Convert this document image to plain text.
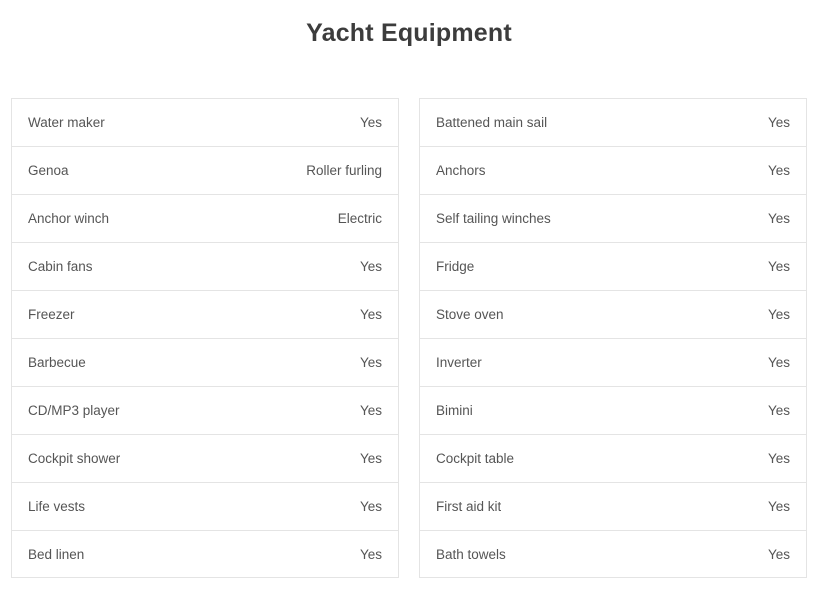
Yacht Equipment
Water maker	Yes
Genoa	Roller furling
Anchor winch	Electric
Cabin fans	Yes
Freezer	Yes
Barbecue	Yes
CD/MP3 player	Yes
Cockpit shower	Yes
Life vests	Yes
Bed linen	Yes
Battened main sail	Yes
Anchors	Yes
Self tailing winches	Yes
Fridge	Yes
Stove oven	Yes
Inverter	Yes
Bimini	Yes
Cockpit table	Yes
First aid kit	Yes
Bath towels	Yes
